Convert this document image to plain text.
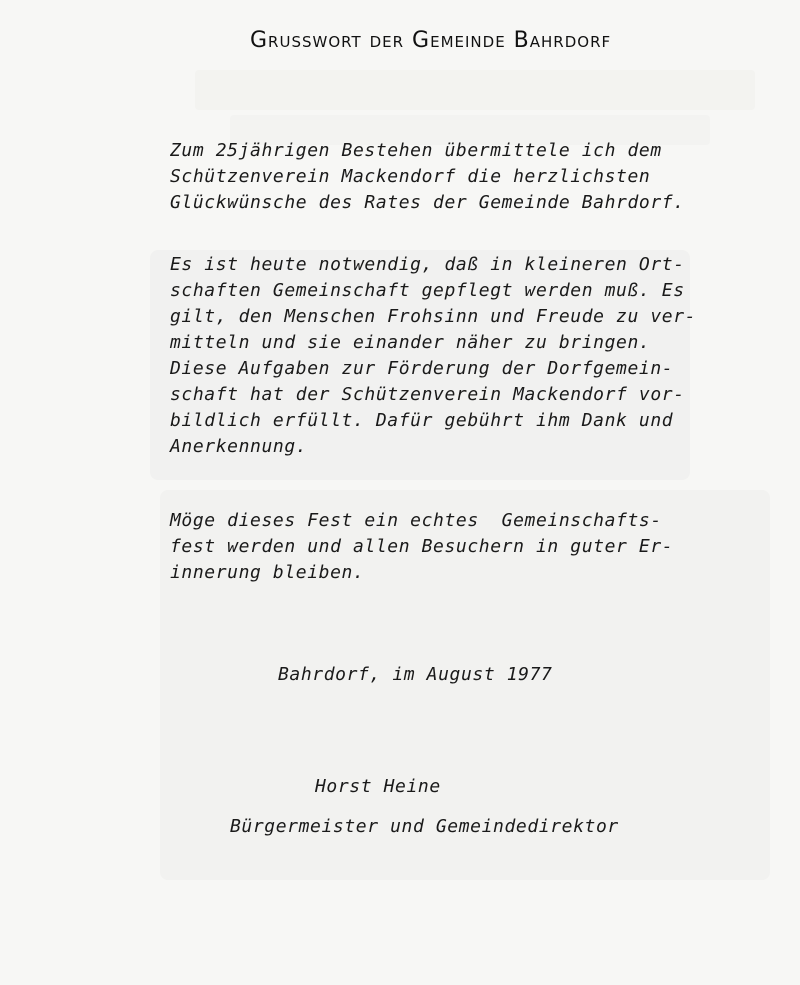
Grusswort der Gemeinde Bahrdorf
Zum 25jährigen Bestehen übermittele ich dem
Schützenverein Mackendorf die herzlichsten
Glückwünsche des Rates der Gemeinde Bahrdorf.
Es ist heute notwendig, daß in kleineren Ort-
schaften Gemeinschaft gepflegt werden muß. Es
gilt, den Menschen Frohsinn und Freude zu ver-
mitteln und sie einander näher zu bringen.
Diese Aufgaben zur Förderung der Dorfgemein-
schaft hat der Schützenverein Mackendorf vor-
bildlich erfüllt. Dafür gebührt ihm Dank und
Anerkennung.
Möge dieses Fest ein echtes  Gemeinschafts-
fest werden und allen Besuchern in guter Er-
innerung bleiben.
Bahrdorf, im August 1977
Horst Heine
Bürgermeister und Gemeindedirektor
